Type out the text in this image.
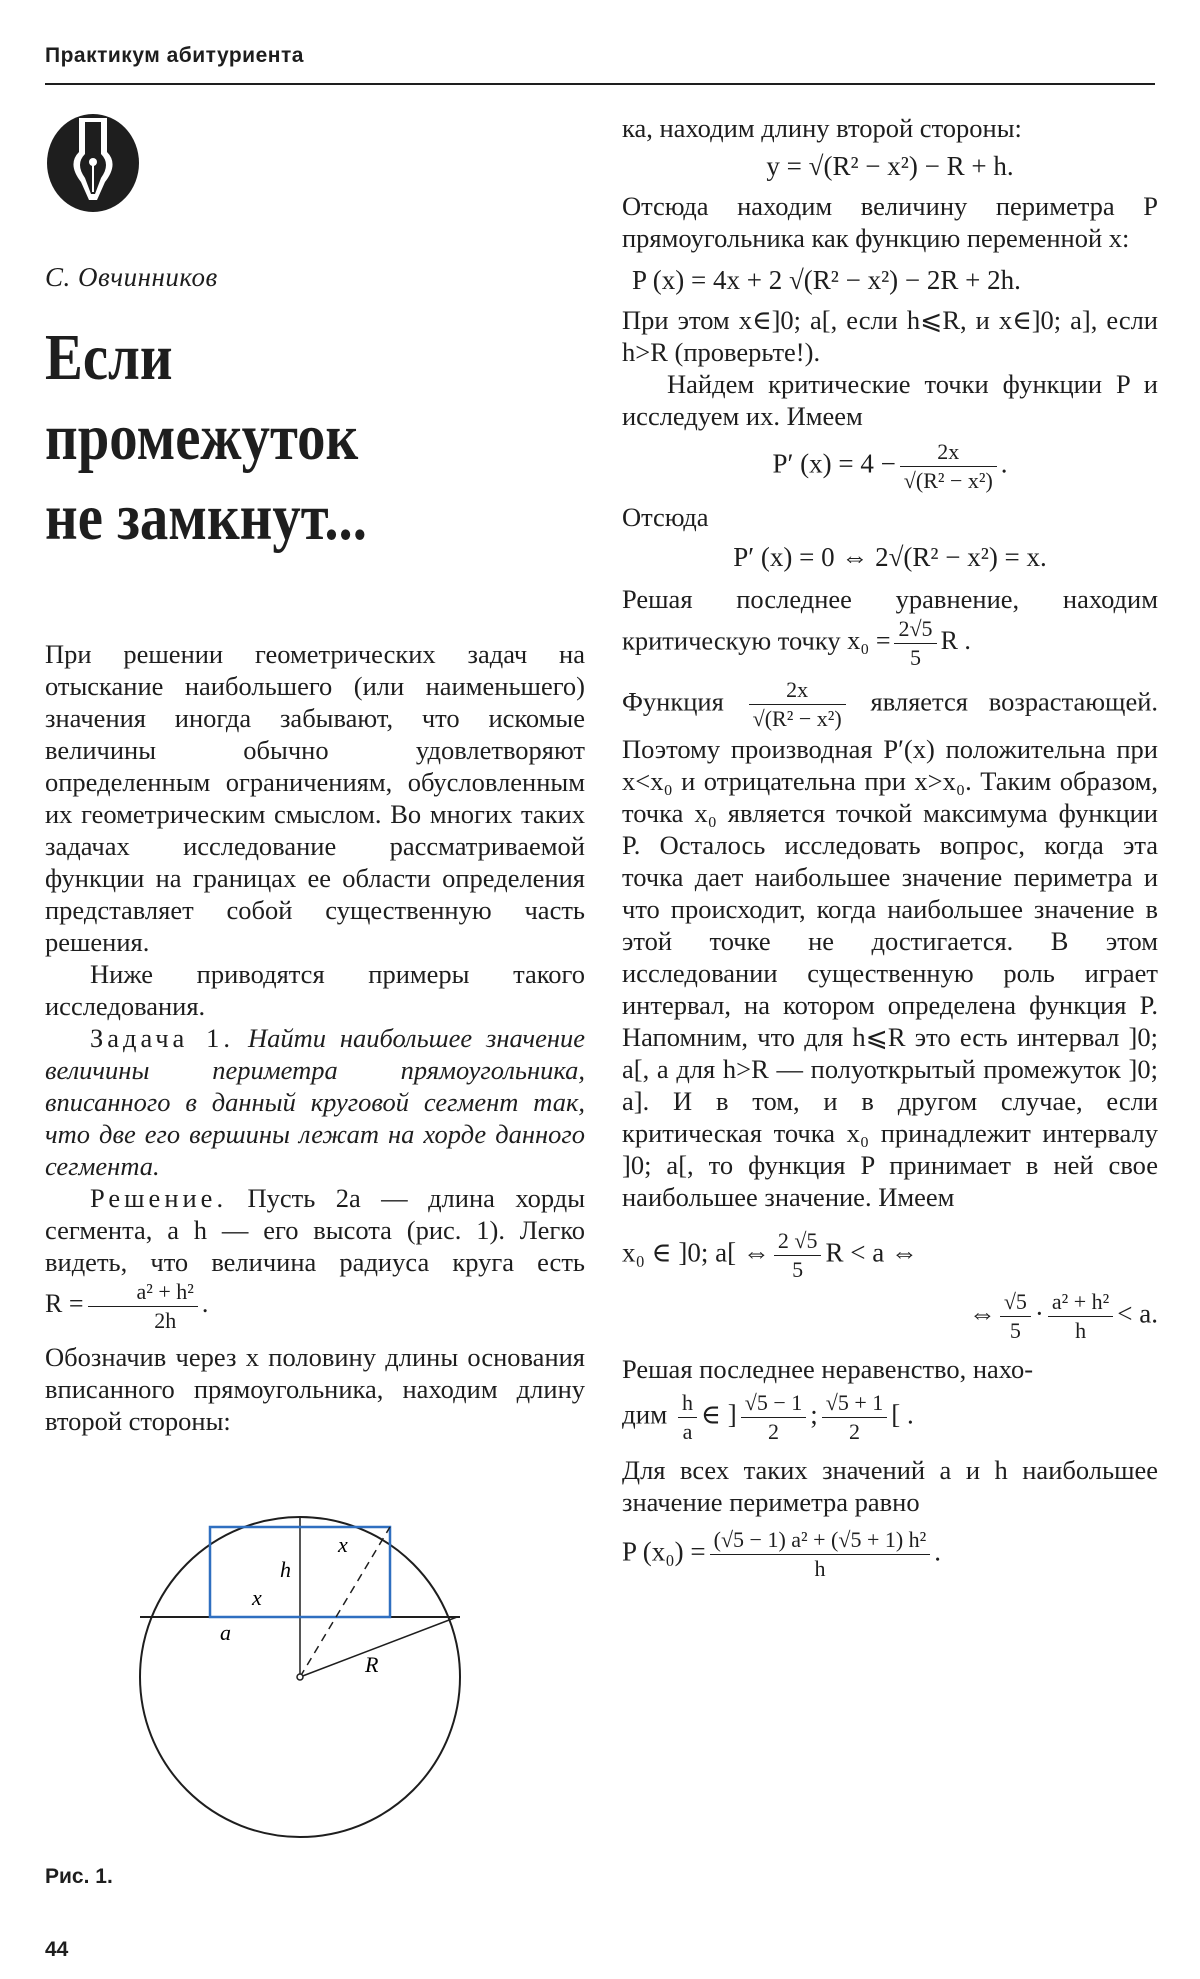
Практикум абитуриента
С. Овчинников
Если
промежуток
не замкнут...

При решении геометрических задач на отыскание наибольшего (или наименьшего) значения иногда забывают, что искомые величины обычно удовлетворяют определенным ограничениям, обусловленным их геометрическим смыслом. Во многих таких задачах исследование рассматриваемой функции на границах ее области определения представляет собой существенную часть решения.

Ниже приводятся примеры такого исследования.

Задача 1. Найти наибольшее значение величины периметра прямоугольника, вписанного в данный круговой сегмент так, что две его вершины лежат на хорде данного сегмента.

Решение. Пусть 2a — длина хорды сегмента, а h — его высота (рис. 1). Легко видеть, что величина радиуса круга есть $R = \frac{\text{a² + h²}}{2h}$ .

Обозначив через x половину длины основания вписанного прямоугольника, находим длину второй стороны:

h
x
x
a
R
Рис. 1.
44

ка, находим длину второй стороны:

y = √(R² − x²) − R + h.

Отсюда находим величину периметра P прямоугольника как функцию переменной x:

P (x) = 4x + 2 √(R² − x²) − 2R + 2h.

При этом x∈]0; a[, если h⩽R, и x∈]0; a], если h>R (проверьте!).

Найдем критические точки функции P и исследуем их. Имеем

P′ $(x) = 4 - \frac{2x}{\text{√(R² − x²)}}$ .

Отсюда

P′ (x) = 0 ⇔ 2√(R² − x²) = x.

Решая последнее уравнение, находим критическую точку $x_0 = \frac{2√5}{5}$ R .

Функция $\frac{2x}{\text{√(R² − x²)}}$ является возрастающей. Поэтому производная P′(x) положительна при x<x₀ и отрицательна при x>x₀. Таким образом, точка x₀ является точкой максимума функции P. Осталось исследовать вопрос, когда эта точка дает наибольшее значение периметра и что происходит, когда наибольшее значение в этой точке не достигается. В этом исследовании существенную роль играет интервал, на котором определена функция P. Напомним, что для h⩽R это есть интервал ]0; a[, а для h>R — полуоткрытый промежуток ]0; a]. И в том, и в другом случае, если критическая точка x₀ принадлежит интервалу ]0; a[, то функция P принимает в ней свое наибольшее значение. Имеем

x₀ ∈ ]0; a[ ⇔ $\frac{2 √5}{5}$ R < a ⇔
⇔ $\frac{√5}{5} \cdot \frac{\text{a² + h²}}{h} < a$.

Решая последнее неравенство, нахо-

дим $\frac{h}{a}$ ∈ ] $\frac{√5 - 1}{2}$ ; $\frac{√5 + 1}{2}$ [ .

Для всех таких значений a и h наибольшее значение периметра равно

P $(x_0) = \frac{\text{(√5 − 1) a² + (√5 + 1) h²}}{h}$ .
